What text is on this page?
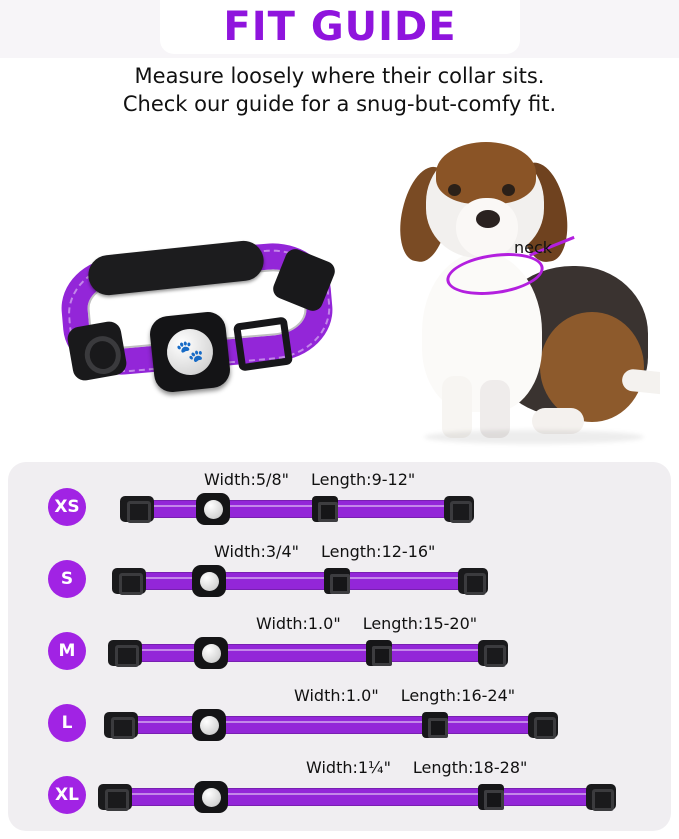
FIT GUIDE
Measure loosely where their collar sits.
Check our guide for a snug-but-comfy fit.
🐾
neck
XS
Width:5/8" Length:9-12"
S
Width:3/4" Length:12-16"
M
Width:1.0" Length:15-20"
L
Width:1.0" Length:16-24"
XL
Width:1¼" Length:18-28"
